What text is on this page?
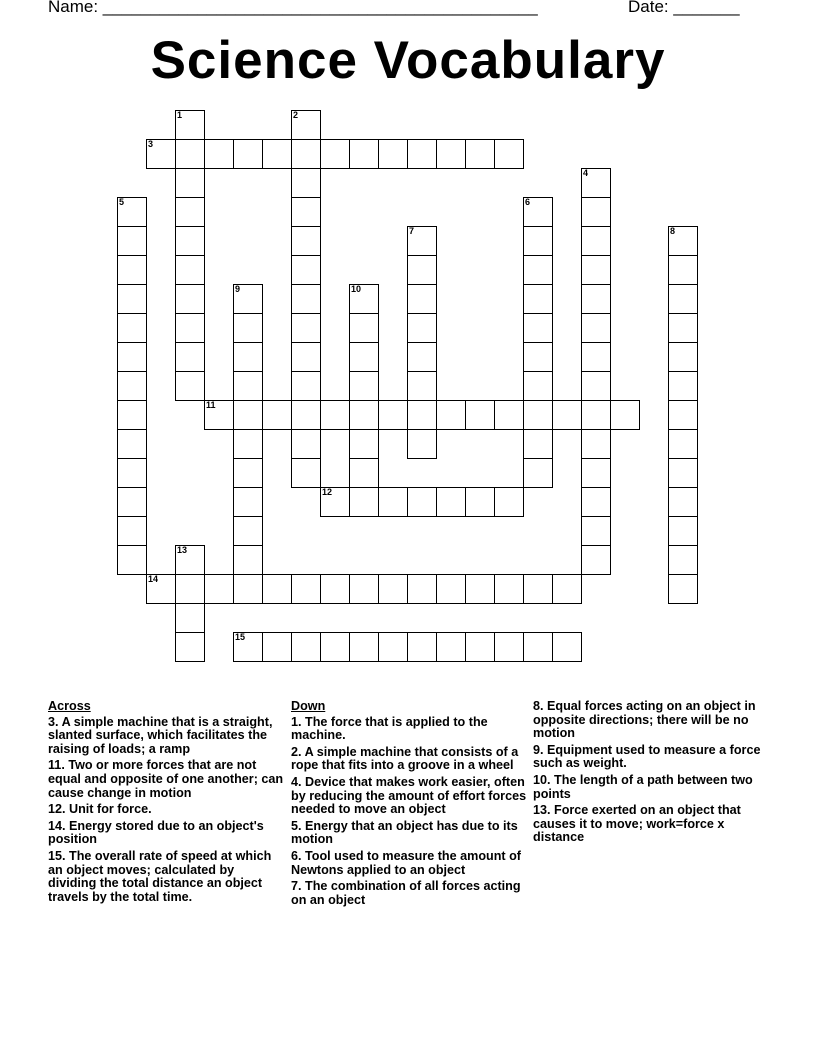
Name: ______________________________________________	Date: _______
Science Vocabulary
1	2
3
4
5	6
7	8
9	10
11
12
13
14
15
Across
3. A simple machine that is a straight, slanted surface, which facilitates the raising of loads; a ramp
11. Two or more forces that are not equal and opposite of one another; can cause change in motion
12. Unit for force.
14. Energy stored due to an object's position
15. The overall rate of speed at which an object moves; calculated by dividing the total distance an object travels by the total time.
Down
1. The force that is applied to the machine.
2. A simple machine that consists of a rope that fits into a groove in a wheel
4. Device that makes work easier, often by reducing the amount of effort forces needed to move an object
5. Energy that an object has due to its motion
6. Tool used to measure the amount of Newtons applied to an object
7. The combination of all forces acting on an object
8. Equal forces acting on an object in opposite directions; there will be no motion
9. Equipment used to measure a force such as weight.
10. The length of a path between two points
13. Force exerted on an object that causes it to move; work=force x distance
